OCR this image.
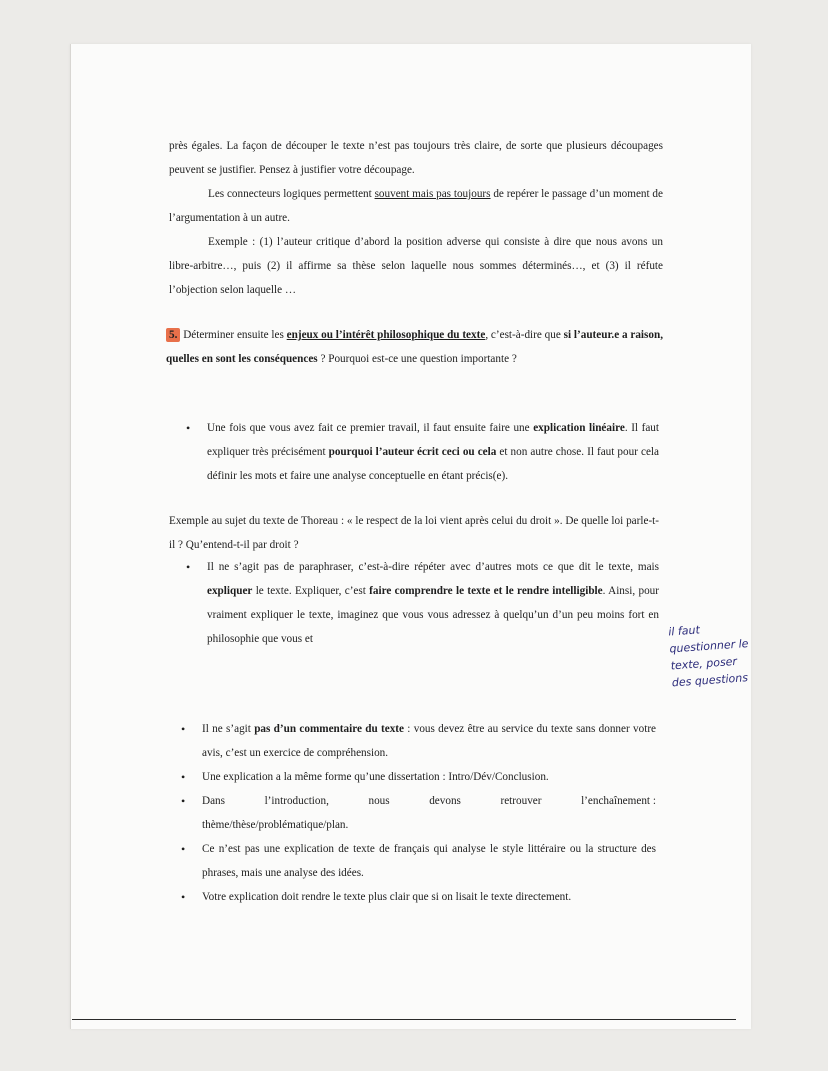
près égales. La façon de découper le texte n’est pas toujours très claire, de sorte que plusieurs découpages peuvent se justifier. Pensez à justifier votre découpage.
Les connecteurs logiques permettent souvent mais pas toujours de repérer le passage d’un moment de l’argumentation à un autre.
Exemple : (1) l’auteur critique d’abord la position adverse qui consiste à dire que nous avons un libre-arbitre…, puis (2) il affirme sa thèse selon laquelle nous sommes déterminés…, et (3) il réfute l’objection selon laquelle …
5. Déterminer ensuite les enjeux ou l’intérêt philosophique du texte, c’est-à-dire que si l’auteur.e a raison, quelles en sont les conséquences ? Pourquoi est-ce une question importante ?
• Une fois que vous avez fait ce premier travail, il faut ensuite faire une explication linéaire. Il faut expliquer très précisément pourquoi l’auteur écrit ceci ou cela et non autre chose. Il faut pour cela définir les mots et faire une analyse conceptuelle en étant précis(e).
Exemple au sujet du texte de Thoreau : « le respect de la loi vient après celui du droit ». De quelle loi parle-t-il ? Qu’entend-t-il par droit ?
• Il ne s’agit pas de paraphraser, c’est-à-dire répéter avec d’autres mots ce que dit le texte, mais expliquer le texte. Expliquer, c’est faire comprendre le texte et le rendre intelligible. Ainsi, pour vraiment expliquer le texte, imaginez que vous vous adressez à quelqu’un d’un peu moins fort en philosophie que vous et
il faut
questionner le
texte, poser
des questions
• Il ne s’agit pas d’un commentaire du texte : vous devez être au service du texte sans donner votre avis, c’est un exercice de compréhension.
• Une explication a la même forme qu’une dissertation : Intro/Dév/Conclusion.
• Dans	l’introduction,	nous	devons	retrouver	l’enchaînement :
thème/thèse/problématique/plan.
• Ce n’est pas une explication de texte de français qui analyse le style littéraire ou la structure des phrases, mais une analyse des idées.
• Votre explication doit rendre le texte plus clair que si on lisait le texte directement.
